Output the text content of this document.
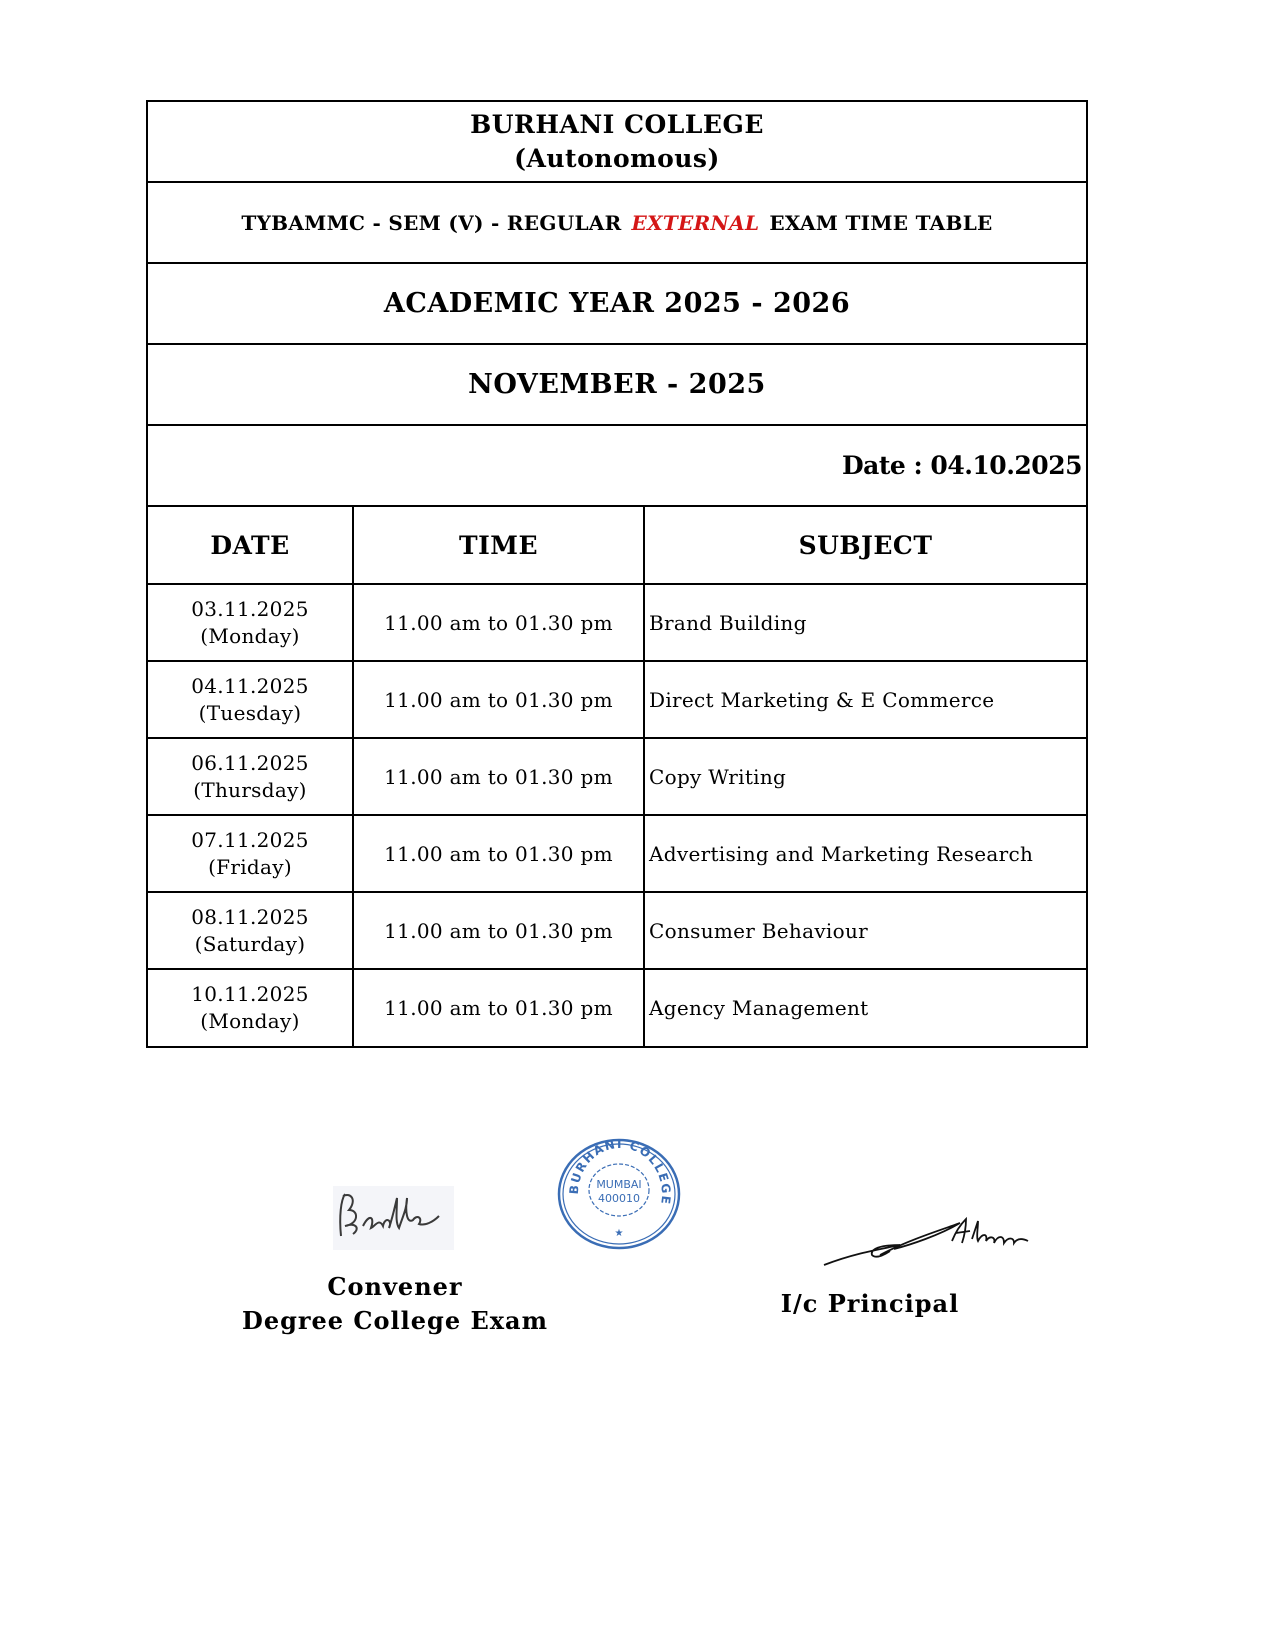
BURHANI COLLEGE
(Autonomous)
TYBAMMC - SEM (V) - REGULAR EXTERNAL EXAM TIME TABLE
ACADEMIC YEAR 2025 - 2026
NOVEMBER - 2025
Date : 04.10.2025
DATE	TIME	SUBJECT

03.11.2025
(Monday)	11.00 am to 01.30 pm	Brand Building

04.11.2025
(Tuesday)	11.00 am to 01.30 pm	Direct Marketing & E Commerce

06.11.2025
(Thursday)	11.00 am to 01.30 pm	Copy Writing

07.11.2025
(Friday)	11.00 am to 01.30 pm	Advertising and Marketing Research

08.11.2025
(Saturday)	11.00 am to 01.30 pm	Consumer Behaviour

10.11.2025
(Monday)	11.00 am to 01.30 pm	Agency Management
BURHANI COLLEGE
MUMBAI
400010
★
Convener
Degree College Exam
I/c Principal
